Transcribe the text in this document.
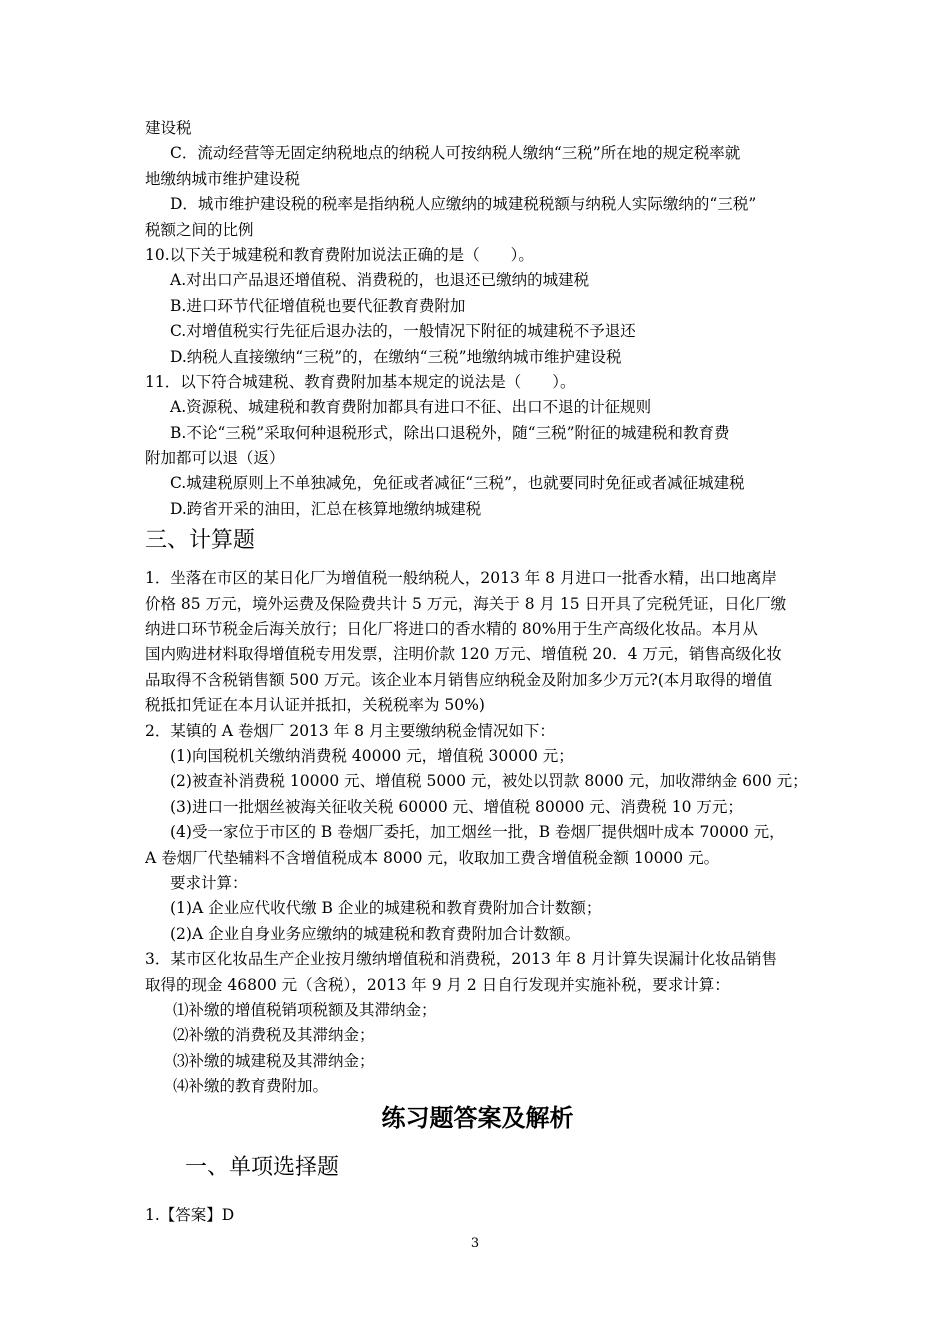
建设税
C．流动经营等无固定纳税地点的纳税人可按纳税人缴纳“三税”所在地的规定税率就
地缴纳城市维护建设税
D．城市维护建设税的税率是指纳税人应缴纳的城建税税额与纳税人实际缴纳的“三税”
税额之间的比例
10.以下关于城建税和教育费附加说法正确的是（　　）。
A.对出口产品退还增值税、消费税的，也退还已缴纳的城建税
B.进口环节代征增值税也要代征教育费附加
C.对增值税实行先征后退办法的，一般情况下附征的城建税不予退还
D.纳税人直接缴纳“三税”的，在缴纳“三税”地缴纳城市维护建设税
11．以下符合城建税、教育费附加基本规定的说法是（　　）。
A.资源税、城建税和教育费附加都具有进口不征、出口不退的计征规则
B.不论“三税”采取何种退税形式，除出口退税外，随“三税”附征的城建税和教育费
附加都可以退（返）
C.城建税原则上不单独减免，免征或者减征“三税”，也就要同时免征或者减征城建税
D.跨省开采的油田，汇总在核算地缴纳城建税
三、计算题
1．坐落在市区的某日化厂为增值税一般纳税人，2013 年 8 月进口一批香水精，出口地离岸
价格 85 万元，境外运费及保险费共计 5 万元，海关于 8 月 15 日开具了完税凭证，日化厂缴
纳进口环节税金后海关放行；日化厂将进口的香水精的 80%用于生产高级化妆品。本月从
国内购进材料取得增值税专用发票，注明价款 120 万元、增值税 20．4 万元，销售高级化妆
品取得不含税销售额 500 万元。该企业本月销售应纳税金及附加多少万元?(本月取得的增值
税抵扣凭证在本月认证并抵扣，关税税率为 50%)
2．某镇的 A 卷烟厂 2013 年 8 月主要缴纳税金情况如下：
(1)向国税机关缴纳消费税 40000 元，增值税 30000 元；
(2)被查补消费税 10000 元、增值税 5000 元，被处以罚款 8000 元，加收滞纳金 600 元；
(3)进口一批烟丝被海关征收关税 60000 元、增值税 80000 元、消费税 10 万元；
(4)受一家位于市区的 B 卷烟厂委托，加工烟丝一批，B 卷烟厂提供烟叶成本 70000 元，
A 卷烟厂代垫辅料不含增值税成本 8000 元，收取加工费含增值税金额 10000 元。
要求计算：
(1)A 企业应代收代缴 B 企业的城建税和教育费附加合计数额；
(2)A 企业自身业务应缴纳的城建税和教育费附加合计数额。
3．某市区化妆品生产企业按月缴纳增值税和消费税，2013 年 8 月计算失误漏计化妆品销售
取得的现金 46800 元（含税），2013 年 9 月 2 日自行发现并实施补税，要求计算：
⑴补缴的增值税销项税额及其滞纳金；
⑵补缴的消费税及其滞纳金；
⑶补缴的城建税及其滞纳金；
⑷补缴的教育费附加。
练习题答案及解析
一、单项选择题
1.【答案】D
3
